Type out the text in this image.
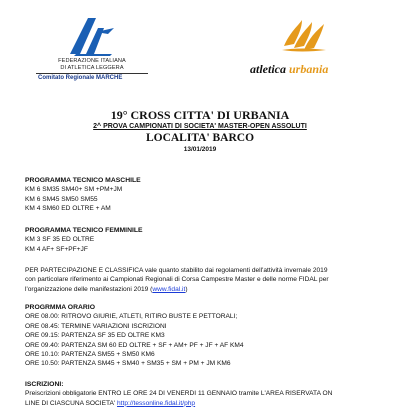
FEDERAZIONE ITALIANA
DI ATLETICA LEGGERA
Comitato Regionale MARCHE
atletica urbania
19° CROSS CITTA' DI URBANIA
2^ PROVA CAMPIONATI DI SOCIETA' MASTER-OPEN ASSOLUTI
LOCALITA' BARCO
13/01/2019
PROGRAMMA TECNICO MASCHILE
KM 6 SM35 SM40+ SM +PM+JM
KM 6 SM45 SM50 SM55
KM 4 SM60 ED OLTRE + AM
PROGRAMMA TECNICO FEMMINILE
KM 3 SF 35 ED OLTRE
KM 4 AF+ SF+PF+JF
PER PARTECIPAZIONE E CLASSIFICA vale quanto stabilito dai regolamenti dell'attività invernale 2019
con particolare riferimento ai Campionati Regionali di Corsa Campestre Master e delle norme FIDAL per
l'organizzazione delle manifestazioni 2019 (www.fidal.it)
PROGRMMA ORARIO
ORE 08.00: RITROVO GIURIE, ATLETI, RITIRO BUSTE E PETTORALI;
ORE 08.45: TERMINE VARIAZIONI ISCRIZIONI
ORE 09.15: PARTENZA SF 35 ED OLTRE KM3
ORE 09.40: PARTENZA SM 60 ED OLTRE + SF + AM+ PF + JF + AF KM4
ORE 10.10: PARTENZA SM55 + SM50 KM6
ORE 10.50: PARTENZA SM45 + SM40 + SM35 + SM + PM + JM KM6
ISCRIZIONI:
Preiscrizioni obbligatorie ENTRO LE ORE 24 DI VENERDI 11 GENNAIO tramite L'AREA RISERVATA ON
LINE DI CIASCUNA SOCIETA' http://tessonline.fidal.it/php
